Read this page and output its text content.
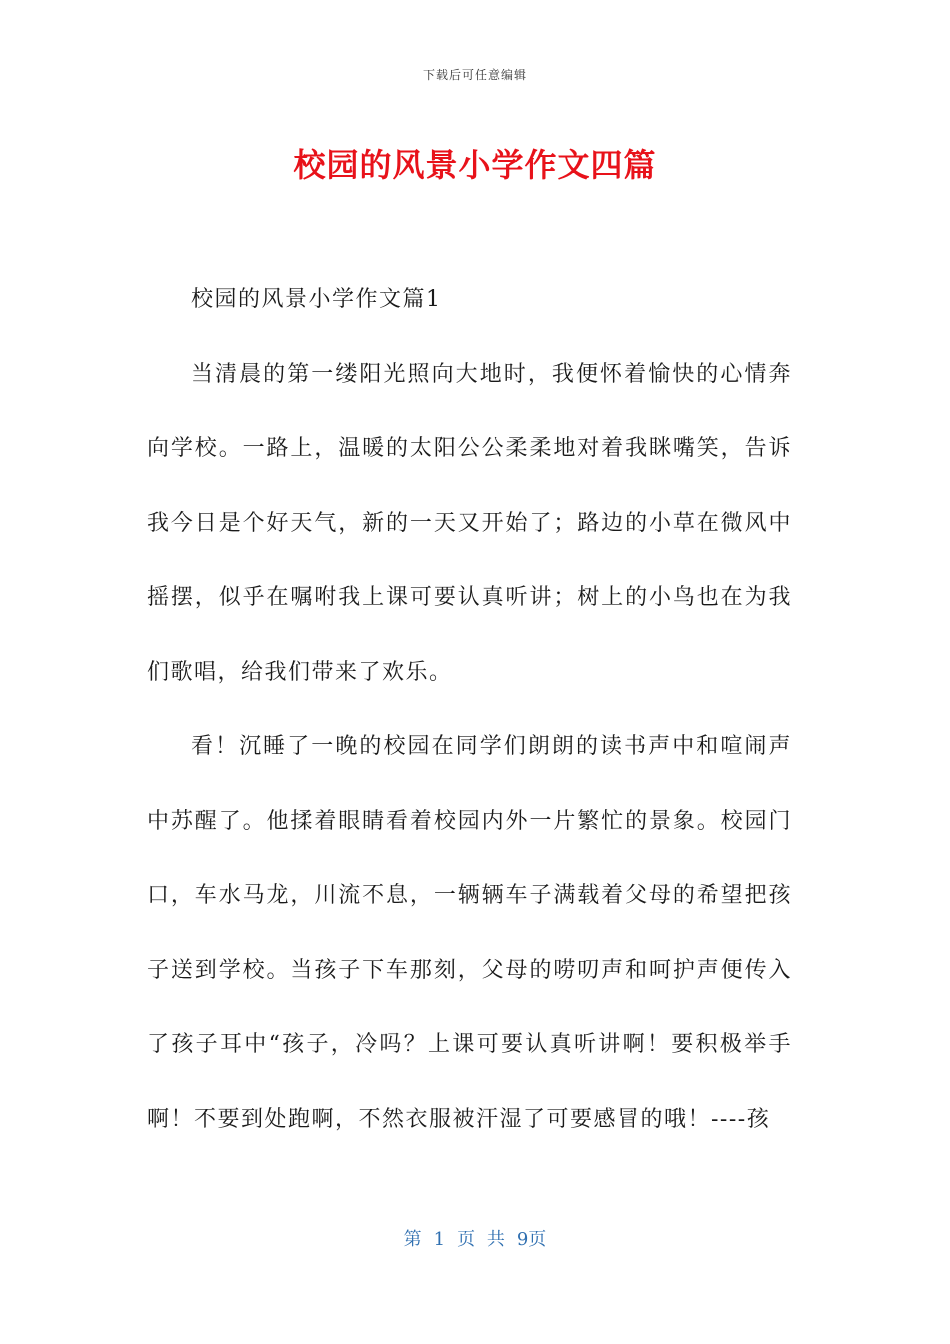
下载后可任意编辑
校园的风景小学作文四篇

校园的风景小学作文篇1

当清晨的第一缕阳光照向大地时，我便怀着愉快的心情奔向学校。一路上，温暖的太阳公公柔柔地对着我眯嘴笑，告诉我今日是个好天气，新的一天又开始了；路边的小草在微风中摇摆，似乎在嘱咐我上课可要认真听讲；树上的小鸟也在为我们歌唱，给我们带来了欢乐。

看！沉睡了一晚的校园在同学们朗朗的读书声中和喧闹声中苏醒了。他揉着眼睛看着校园内外一片繁忙的景象。校园门口，车水马龙，川流不息，一辆辆车子满载着父母的希望把孩子送到学校。当孩子下车那刻，父母的唠叨声和呵护声便传入了孩子耳中“孩子，冷吗？上课可要认真听讲啊！要积极举手啊！不要到处跑啊，不然衣服被汗湿了可要感冒的哦！----孩

第 1 页 共 9页
